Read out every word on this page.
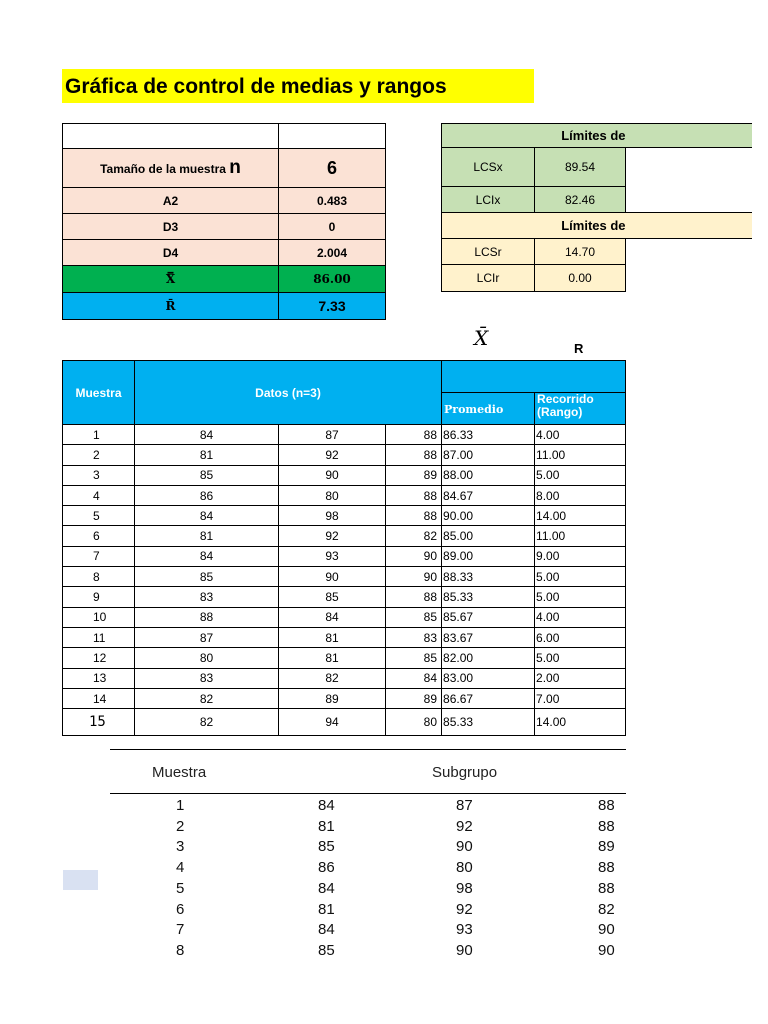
Gráfica de control de medias y rangos

Tamaño de la muestra n	6
A2	0.483
D3	0
D4	2.004
X̿	86.00
R̄	7.33
Límites de		
LCSx	89.54	
LCIx	82.46	
Límites de		
LCSr	14.70	
LCIr	0.00	
X̄	R
Muestra	Datos (n=3)				
				Promedio	Recorrido (Rango)
1	84	87	88	86.33	4.00
2	81	92	88	87.00	11.00
3	85	90	89	88.00	5.00
4	86	80	88	84.67	8.00
5	84	98	88	90.00	14.00
6	81	92	82	85.00	11.00
7	84	93	90	89.00	9.00
8	85	90	90	88.33	5.00
9	83	85	88	85.33	5.00
10	88	84	85	85.67	4.00
11	87	81	83	83.67	6.00
12	80	81	85	82.00	5.00
13	83	82	84	83.00	2.00
14	82	89	89	86.67	7.00
15	82	94	80	85.33	14.00
Muestra	Subgrupo
1	84	87	88
2	81	92	88
3	85	90	89
4	86	80	88
5	84	98	88
6	81	92	82
7	84	93	90
8	85	90	90
